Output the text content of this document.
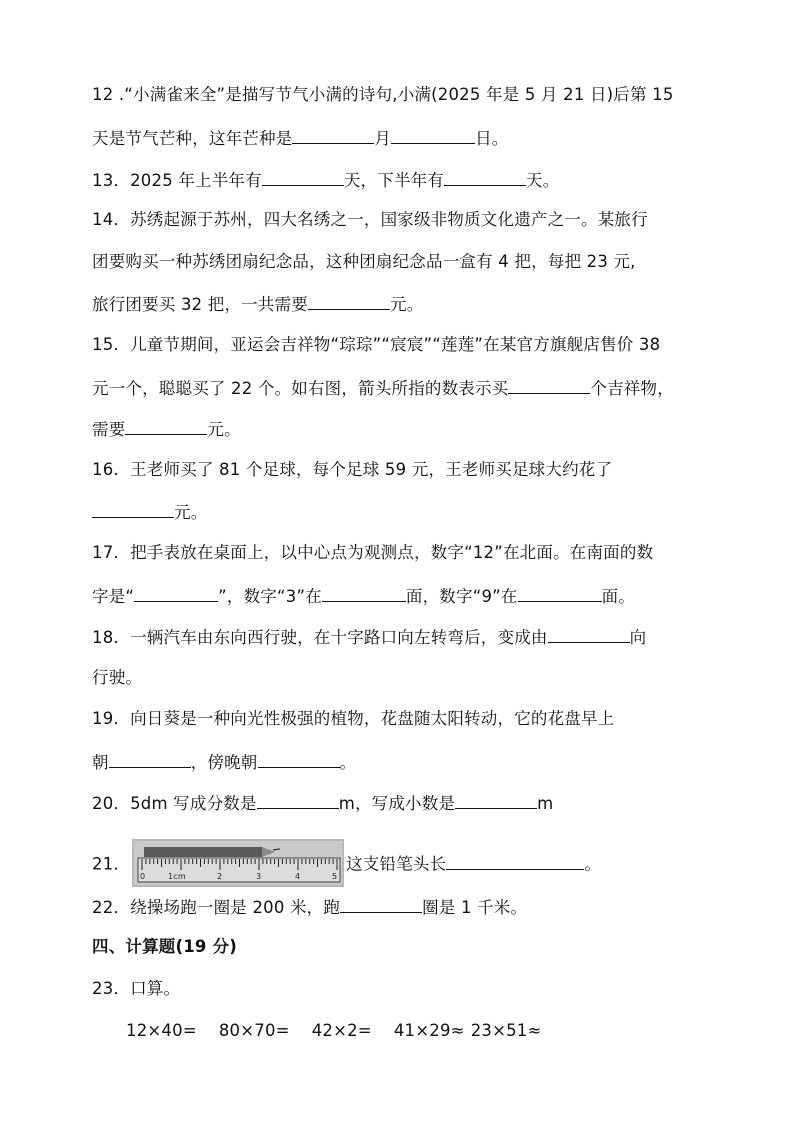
12 .“小满雀来全”是描写节气小满的诗句,小满(2025 年是 5 月 21 日)后第 15
天是节气芒种，这年芒种是	月	日。
13．2025 年上半年有	天，下半年有	天。
14．苏绣起源于苏州，四大名绣之一，国家级非物质文化遗产之一。某旅行
团要购买一种苏绣团扇纪念品，这种团扇纪念品一盒有 4 把，每把 23 元,
旅行团要买 32 把，一共需要	元。
15．儿童节期间，亚运会吉祥物“琮琮”“宸宸”“莲莲”在某官方旗舰店售价 38
元一个，聪聪买了 22 个。如右图，箭头所指的数表示买	个吉祥物，
需要	元。
16．王老师买了 81 个足球，每个足球 59 元，王老师买足球大约花了
元。
17．把手表放在桌面上，以中心点为观测点，数字“12”在北面。在南面的数
字是“	”，数字“3”在	面，数字“9”在	面。
18．一辆汽车由东向西行驶，在十字路口向左转弯后，变成由	向
行驶。
19．向日葵是一种向光性极强的植物，花盘随太阳转动，它的花盘早上
朝	，傍晚朝	。
20．5dm 写成分数是	m，写成小数是	m
21．
0	1cm	2	3	4	5
这支铅笔头长	。
22．绕操场跑一圈是 200 米，跑	圈是 1 千米。
四、计算题(19 分)
23．口算。
12×40= 80×70= 42×2= 41×29≈ 23×51≈
